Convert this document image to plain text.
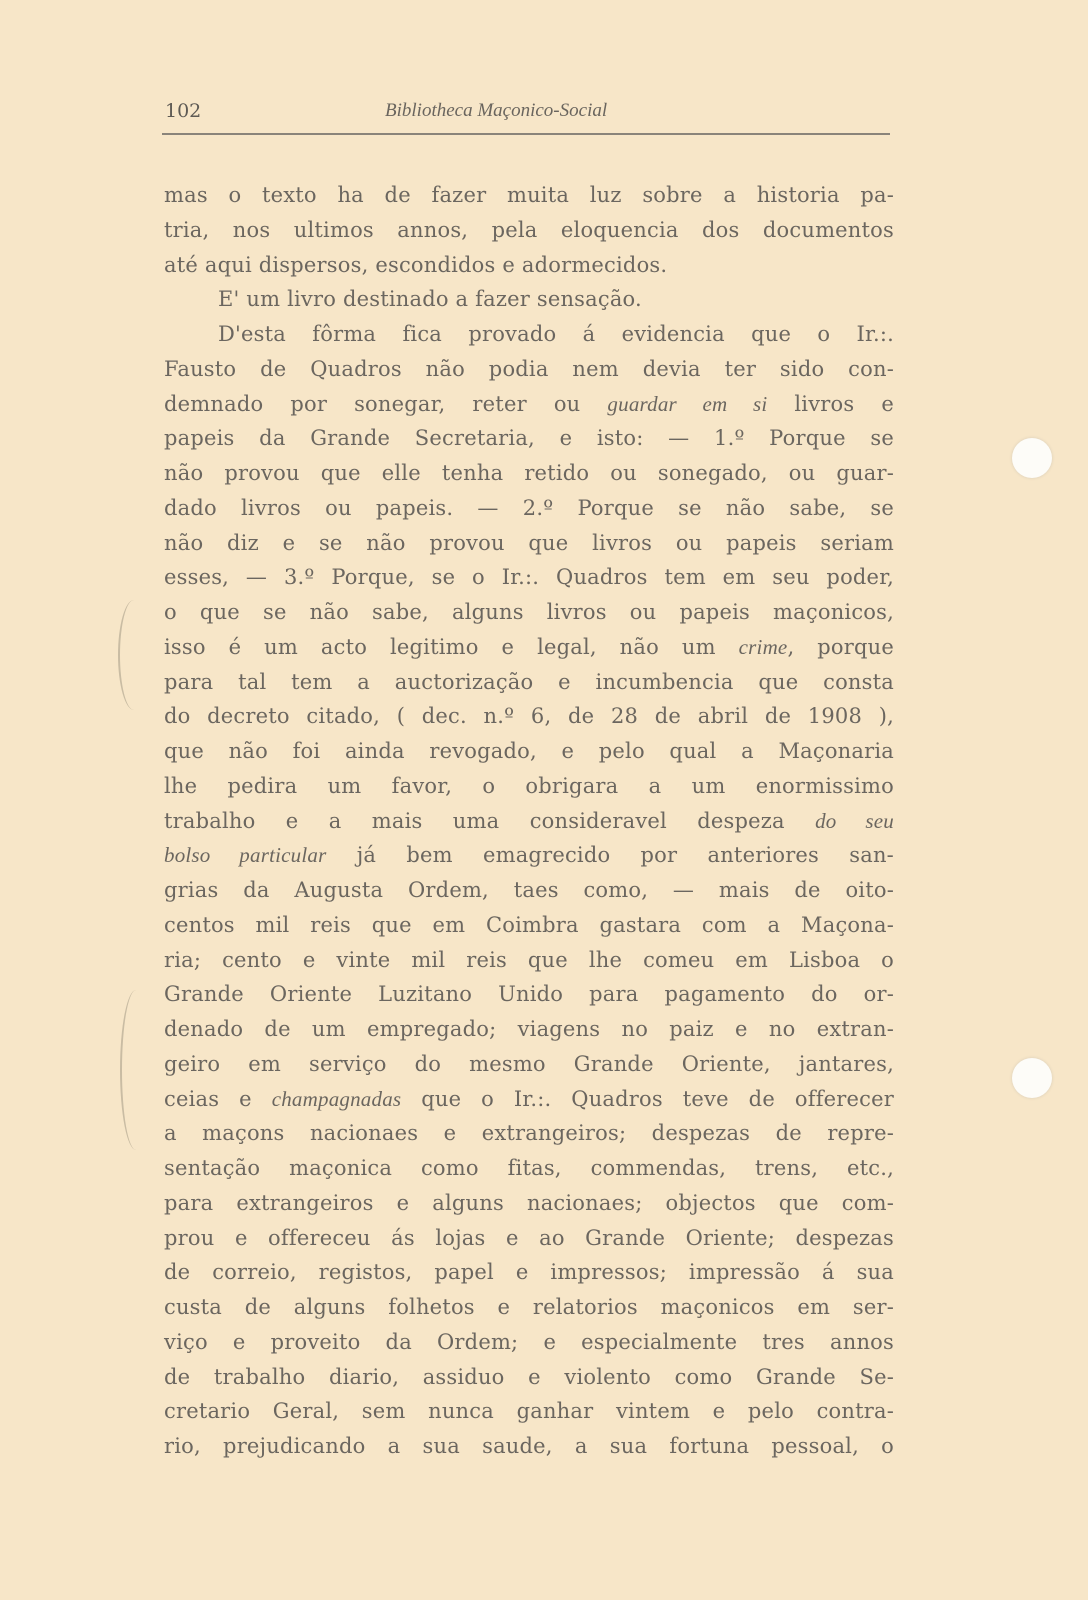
102	Bibliotheca Maçonico-Social
mas o texto ha de fazer muita luz sobre a historia pa-
tria, nos ultimos annos, pela eloquencia dos documentos
até aqui dispersos, escondidos e adormecidos.
E' um livro destinado a fazer sensação.
D'esta fôrma fica provado á evidencia que o Ir.:.
Fausto de Quadros não podia nem devia ter sido con-
demnado por sonegar, reter ou guardar em si livros e
papeis da Grande Secretaria, e isto: — 1.º Porque se
não provou que elle tenha retido ou sonegado, ou guar-
dado livros ou papeis. — 2.º Porque se não sabe, se
não diz e se não provou que livros ou papeis seriam
esses, — 3.º Porque, se o Ir.:. Quadros tem em seu poder,
o que se não sabe, alguns livros ou papeis maçonicos,
isso é um acto legitimo e legal, não um crime, porque
para tal tem a auctorização e incumbencia que consta
do decreto citado, ( dec. n.º 6, de 28 de abril de 1908 ),
que não foi ainda revogado, e pelo qual a Maçonaria
lhe pedira um favor, o obrigara a um enormissimo
trabalho e a mais uma consideravel despeza do seu
bolso particular já bem emagrecido por anteriores san-
grias da Augusta Ordem, taes como, — mais de oito-
centos mil reis que em Coimbra gastara com a Maçona-
ria; cento e vinte mil reis que lhe comeu em Lisboa o
Grande Oriente Luzitano Unido para pagamento do or-
denado de um empregado; viagens no paiz e no extran-
geiro em serviço do mesmo Grande Oriente, jantares,
ceias e champagnadas que o Ir.:. Quadros teve de offerecer
a maçons nacionaes e extrangeiros; despezas de repre-
sentação maçonica como fitas, commendas, trens, etc.,
para extrangeiros e alguns nacionaes; objectos que com-
prou e offereceu ás lojas e ao Grande Oriente; despezas
de correio, registos, papel e impressos; impressão á sua
custa de alguns folhetos e relatorios maçonicos em ser-
viço e proveito da Ordem; e especialmente tres annos
de trabalho diario, assiduo e violento como Grande Se-
cretario Geral, sem nunca ganhar vintem e pelo contra-
rio, prejudicando a sua saude, a sua fortuna pessoal, o
